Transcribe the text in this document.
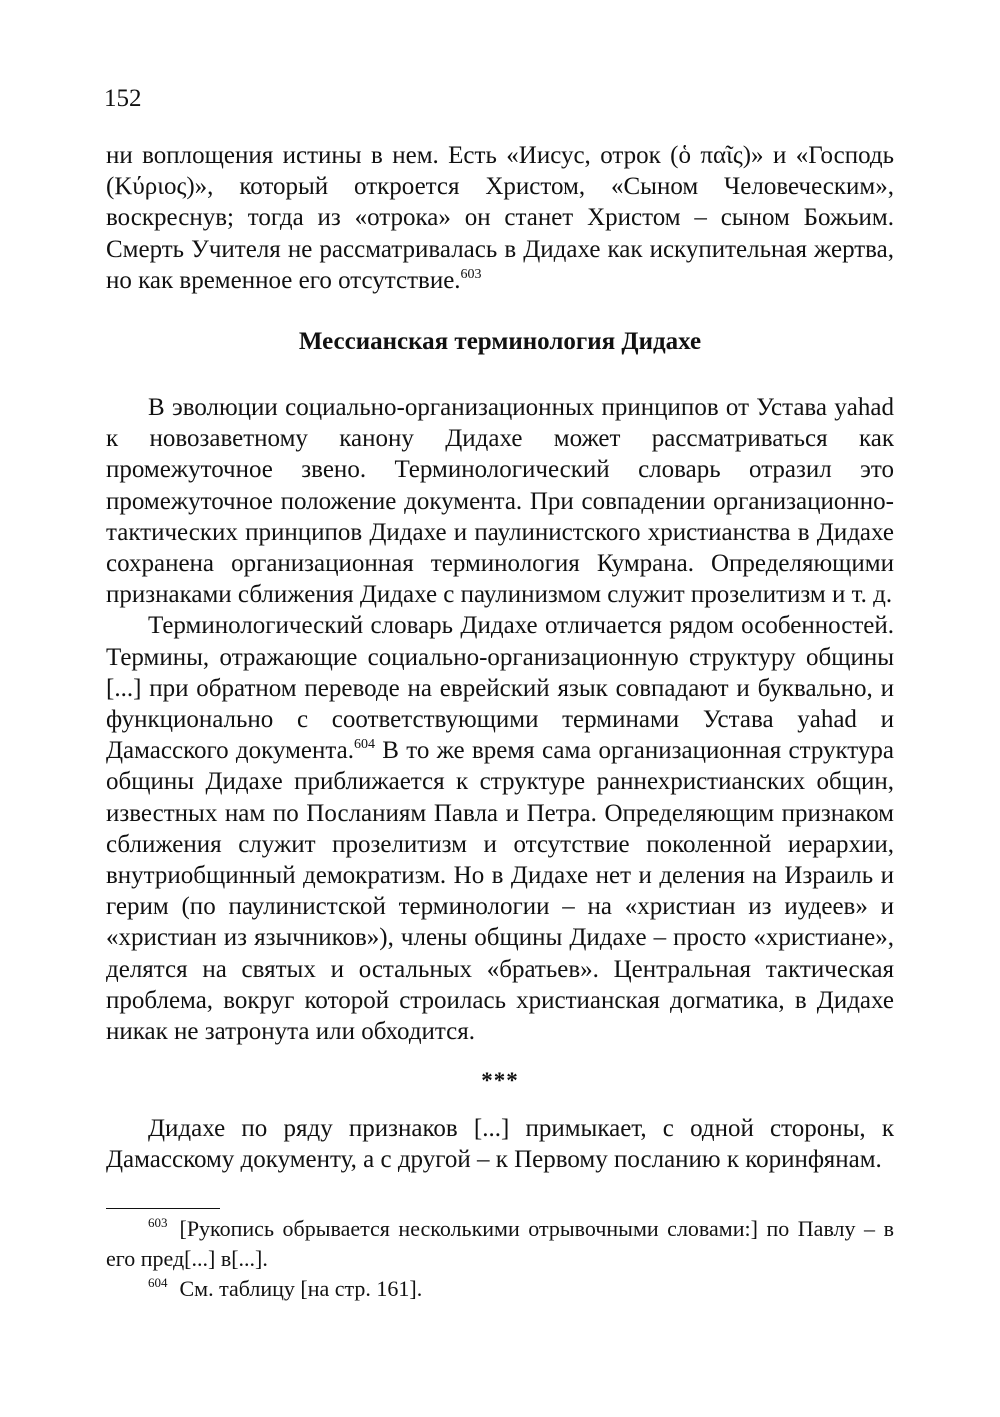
152

ни воплощения истины в нем. Есть «Иисус, отрок (ὁ παῖς)» и «Господь (Κύριος)», который откроется Христом, «Сыном Человеческим», воскреснув; тогда из «отрока» он станет Христом – сыном Божьим. Смерть Учителя не рассматривалась в Дидахе как искупительная жертва, но как временное его отсутствие.$^{603}$

Мессианская терминология Дидахе

В эволюции социально-организационных принципов от Устава yahad к новозаветному канону Дидахе может рассматриваться как промежуточное звено. Терминологический словарь отразил это промежуточное положение документа. При совпадении организационно-тактических принципов Дидахе и паулинистского христианства в Дидахе сохранена организационная терминология Кумрана. Определяющими признаками сближения Дидахе с паулинизмом служит прозелитизм и т. д.

Терминологический словарь Дидахе отличается рядом особенностей. Термины, отражающие социально-организационную структуру общины [...] при обратном переводе на еврейский язык совпадают и буквально, и функционально с соответствующими терминами Устава yahad и Дамасского документа.$^{604}$ В то же время сама организационная структура общины Дидахе приближается к структуре раннехристианских общин, известных нам по Посланиям Павла и Петра. Определяющим признаком сближения служит прозелитизм и отсутствие поколенной иерархии, внутриобщинный демократизм. Но в Дидахе нет и деления на Израиль и герим (по паулинистской терминологии – на «христиан из иудеев» и «христиан из язычников»), члены общины Дидахе – просто «христиане», делятся на святых и остальных «братьев». Центральная тактическая проблема, вокруг которой строилась христианская догматика, в Дидахе никак не затронута или обходится.

***

Дидахе по ряду признаков [...] примыкает, с одной стороны, к Дамасскому документу, а с другой – к Первому посланию к коринфянам.

$^{603}$ [Рукопись обрывается несколькими отрывочными словами:] по Павлу – в его пред[...] в[...].

$^{604}$ См. таблицу [на стр. 161].
